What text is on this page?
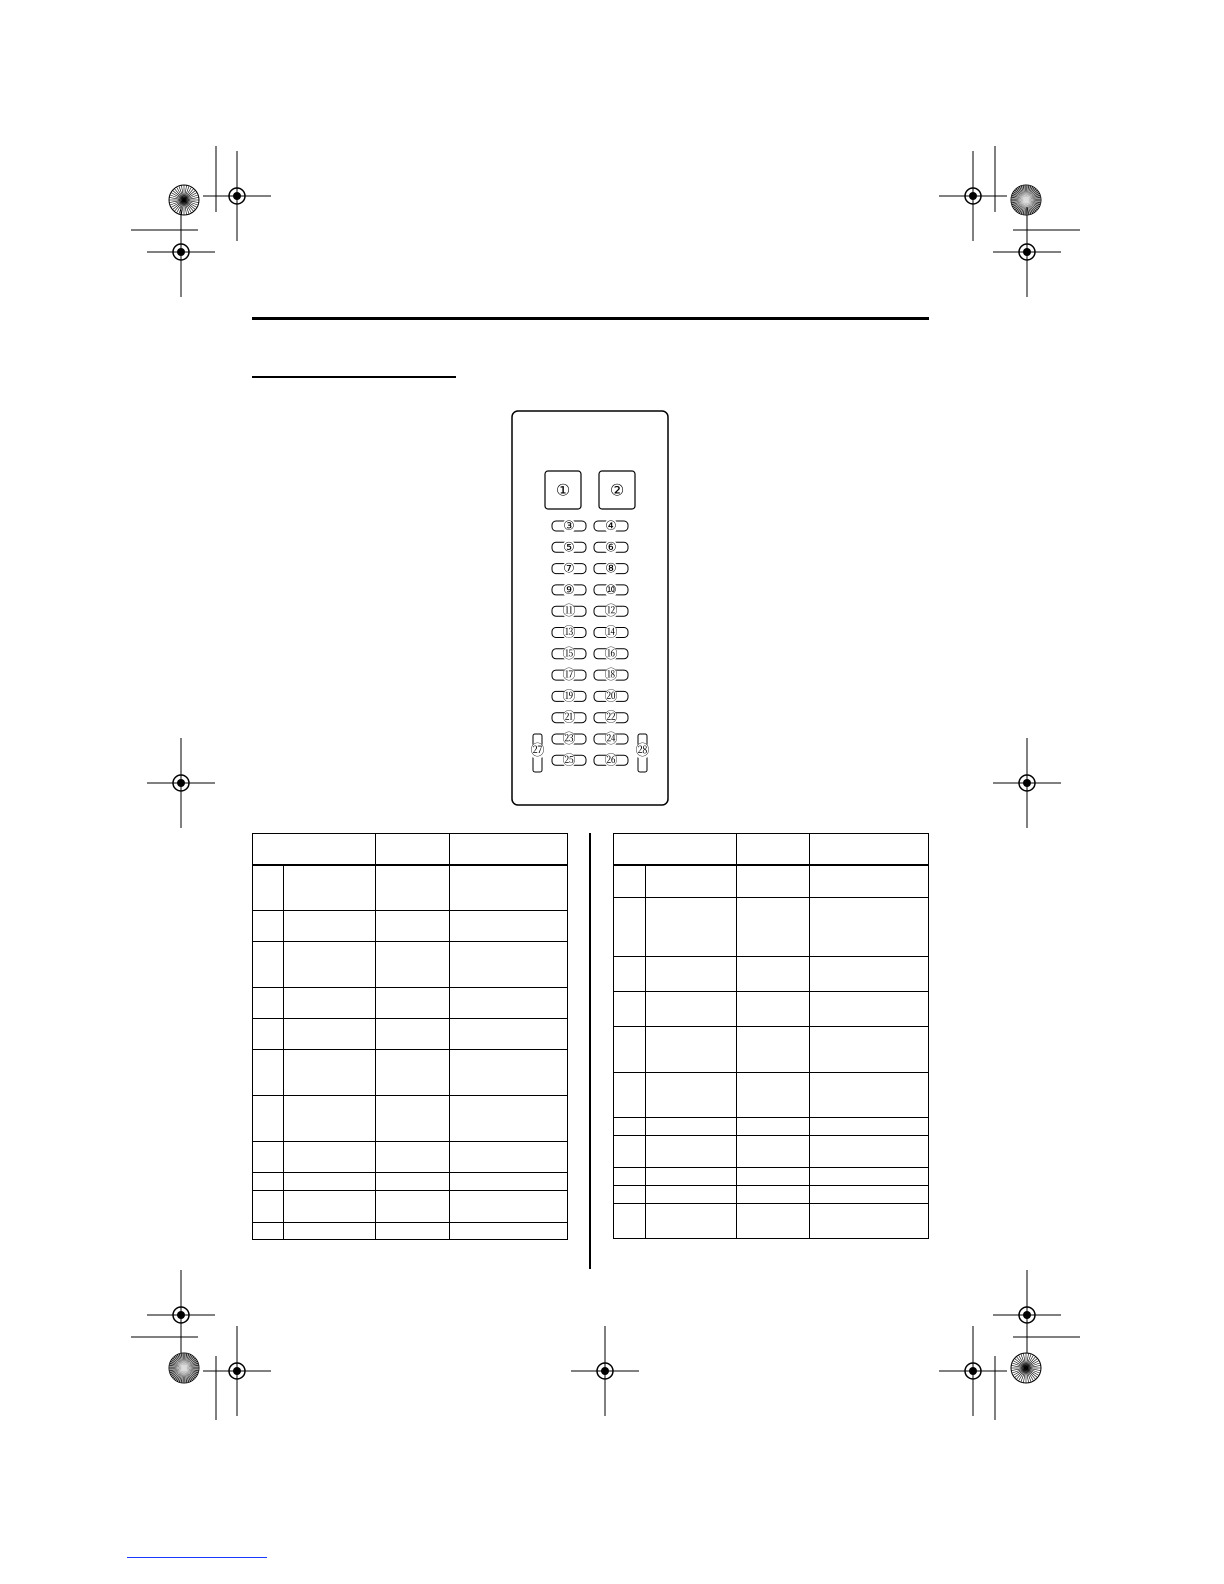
① ②
③ ④
⑤ ⑥
⑦ ⑧
⑨ ⑩
⑪ ⑫
⑬ ⑭
⑮ ⑯
⑰ ⑱
⑲ ⑳
㉑ ㉒
㉓ ㉔
㉕ ㉖
㉗	㉘
